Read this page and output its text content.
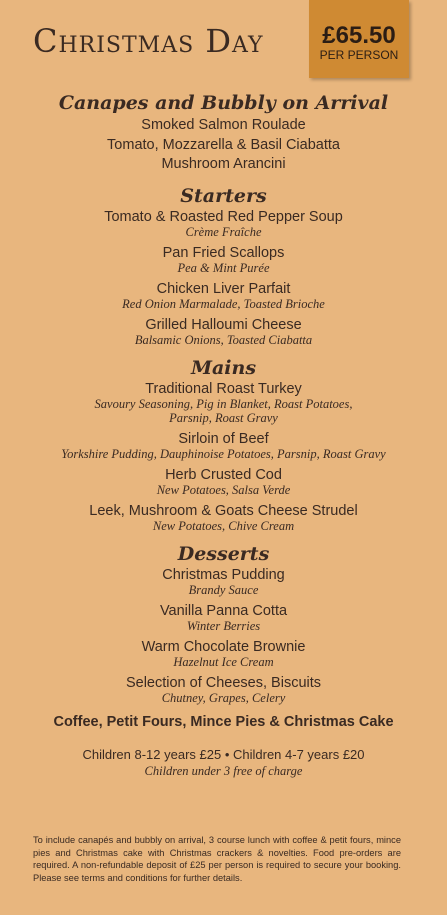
Christmas Day	£65.50
PER PERSON
Canapes and Bubbly on Arrival
Smoked Salmon Roulade
Tomato, Mozzarella & Basil Ciabatta
Mushroom Arancini
Starters
Tomato & Roasted Red Pepper Soup
Crème Fraîche
Pan Fried Scallops
Pea & Mint Purée
Chicken Liver Parfait
Red Onion Marmalade, Toasted Brioche
Grilled Halloumi Cheese
Balsamic Onions, Toasted Ciabatta
Mains
Traditional Roast Turkey
Savoury Seasoning, Pig in Blanket, Roast Potatoes,
Parsnip, Roast Gravy
Sirloin of Beef
Yorkshire Pudding, Dauphinoise Potatoes, Parsnip, Roast Gravy
Herb Crusted Cod
New Potatoes, Salsa Verde
Leek, Mushroom & Goats Cheese Strudel
New Potatoes, Chive Cream
Desserts
Christmas Pudding
Brandy Sauce
Vanilla Panna Cotta
Winter Berries
Warm Chocolate Brownie
Hazelnut Ice Cream
Selection of Cheeses, Biscuits
Chutney, Grapes, Celery
Coffee, Petit Fours, Mince Pies & Christmas Cake
Children 8-12 years £25 • Children 4-7 years £20
Children under 3 free of charge
To include canapés and bubbly on arrival, 3 course lunch with coffee & petit fours, mince pies and Christmas cake with Christmas crackers & novelties. Food pre-orders are required. A non-refundable deposit of £25 per person is required to secure your booking. Please see terms and conditions for further details.
